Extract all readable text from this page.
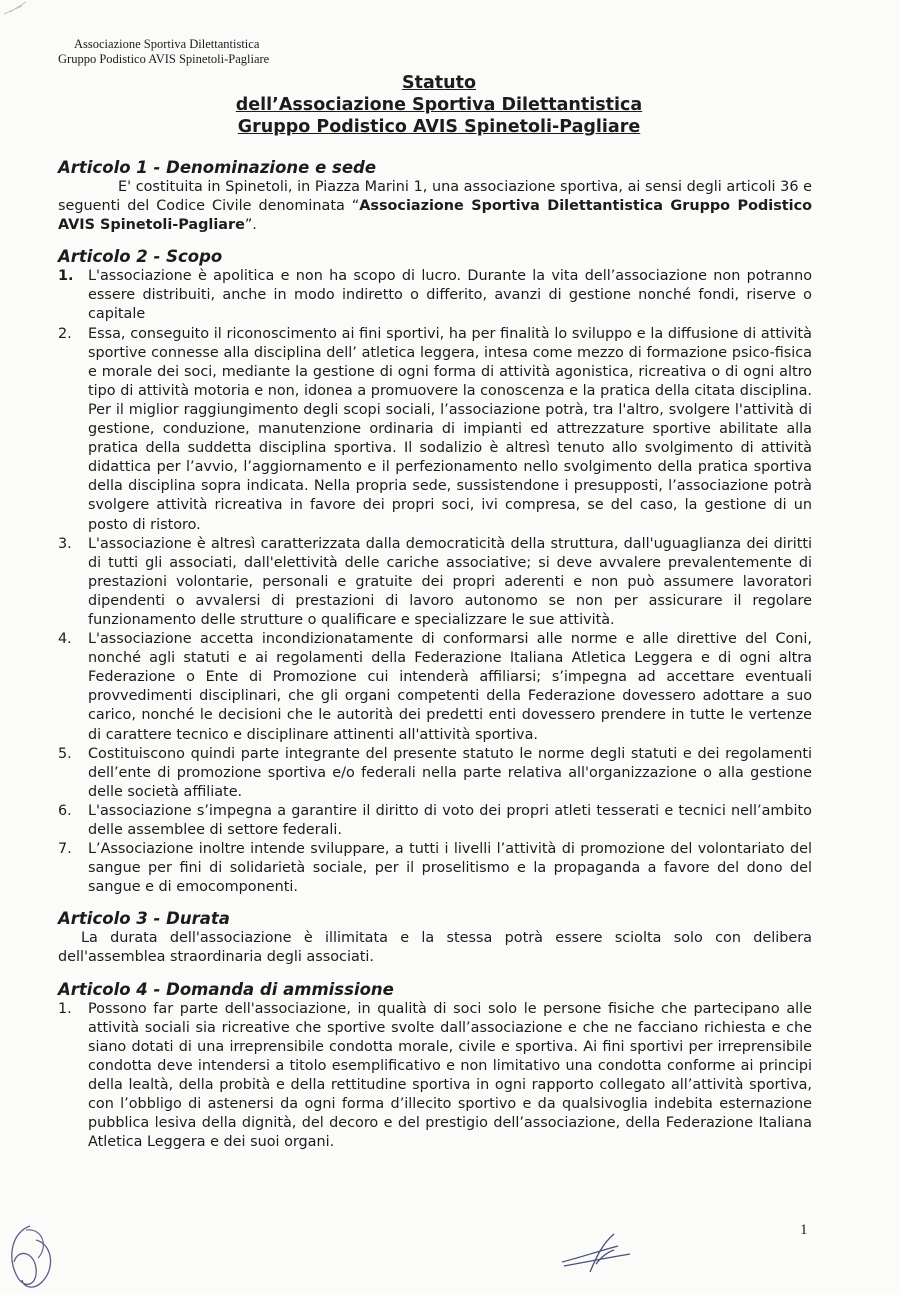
Associazione Sportiva Dilettantistica
Gruppo Podistico AVIS Spinetoli-Pagliare
Statuto
dell’Associazione Sportiva Dilettantistica
Gruppo Podistico AVIS Spinetoli-Pagliare
Articolo 1 - Denominazione e sede

E' costituita in Spinetoli, in Piazza Marini 1, una associazione sportiva, ai sensi degli articoli 36 e seguenti del Codice Civile denominata “Associazione Sportiva Dilettantistica Gruppo Podistico AVIS Spinetoli-Pagliare”.

Articolo 2 - Scopo
1. L'associazione è apolitica e non ha scopo di lucro. Durante la vita dell’associazione non potranno essere distribuiti, anche in modo indiretto o differito, avanzi di gestione nonché fondi, riserve o capitale
2. Essa, conseguito il riconoscimento ai fini sportivi, ha per finalità lo sviluppo e la diffusione di attività sportive connesse alla disciplina dell’ atletica leggera, intesa come mezzo di formazione psico-fisica e morale dei soci, mediante la gestione di ogni forma di attività agonistica, ricreativa o di ogni altro tipo di attività motoria e non, idonea a promuovere la conoscenza e la pratica della citata disciplina. Per il miglior raggiungimento degli scopi sociali, l’associazione potrà, tra l'altro, svolgere l'attività di gestione, conduzione, manutenzione ordinaria di impianti ed attrezzature sportive abilitate alla pratica della suddetta disciplina sportiva. Il sodalizio è altresì tenuto allo svolgimento di attività didattica per l’avvio, l’aggiornamento e il perfezionamento nello svolgimento della pratica sportiva della disciplina sopra indicata. Nella propria sede, sussistendone i presupposti, l’associazione potrà svolgere attività ricreativa in favore dei propri soci, ivi compresa, se del caso, la gestione di un posto di ristoro.
3. L'associazione è altresì caratterizzata dalla democraticità della struttura, dall'uguaglianza dei diritti di tutti gli associati, dall'elettività delle cariche associative; si deve avvalere prevalentemente di prestazioni volontarie, personali e gratuite dei propri aderenti e non può assumere lavoratori dipendenti o avvalersi di prestazioni di lavoro autonomo se non per assicurare il regolare funzionamento delle strutture o qualificare e specializzare le sue attività.
4. L'associazione accetta incondizionatamente di conformarsi alle norme e alle direttive del Coni, nonché agli statuti e ai regolamenti della Federazione Italiana Atletica Leggera e di ogni altra Federazione o Ente di Promozione cui intenderà affiliarsi; s’impegna ad accettare eventuali provvedimenti disciplinari, che gli organi competenti della Federazione dovessero adottare a suo carico, nonché le decisioni che le autorità dei predetti enti dovessero prendere in tutte le vertenze di carattere tecnico e disciplinare attinenti all'attività sportiva.
5. Costituiscono quindi parte integrante del presente statuto le norme degli statuti e dei regolamenti dell’ente di promozione sportiva e/o federali nella parte relativa all'organizzazione o alla gestione delle società affiliate.
6. L'associazione s’impegna a garantire il diritto di voto dei propri atleti tesserati e tecnici nell’ambito delle assemblee di settore federali.
7. L’Associazione inoltre intende sviluppare, a tutti i livelli l’attività di promozione del volontariato del sangue per fini di solidarietà sociale, per il proselitismo e la propaganda a favore del dono del sangue e di emocomponenti.
Articolo 3 - Durata

La durata dell'associazione è illimitata e la stessa potrà essere sciolta solo con delibera dell'assemblea straordinaria degli associati.

Articolo 4 - Domanda di ammissione
1. Possono far parte dell'associazione, in qualità di soci solo le persone fisiche che partecipano alle attività sociali sia ricreative che sportive svolte dall’associazione e che ne facciano richiesta e che siano dotati di una irreprensibile condotta morale, civile e sportiva. Ai fini sportivi per irreprensibile condotta deve intendersi a titolo esemplificativo e non limitativo una condotta conforme ai principi della lealtà, della probità e della rettitudine sportiva in ogni rapporto collegato all’attività sportiva, con l’obbligo di astenersi da ogni forma d’illecito sportivo e da qualsivoglia indebita esternazione pubblica lesiva della dignità, del decoro e del prestigio dell’associazione, della Federazione Italiana Atletica Leggera e dei suoi organi.
1
